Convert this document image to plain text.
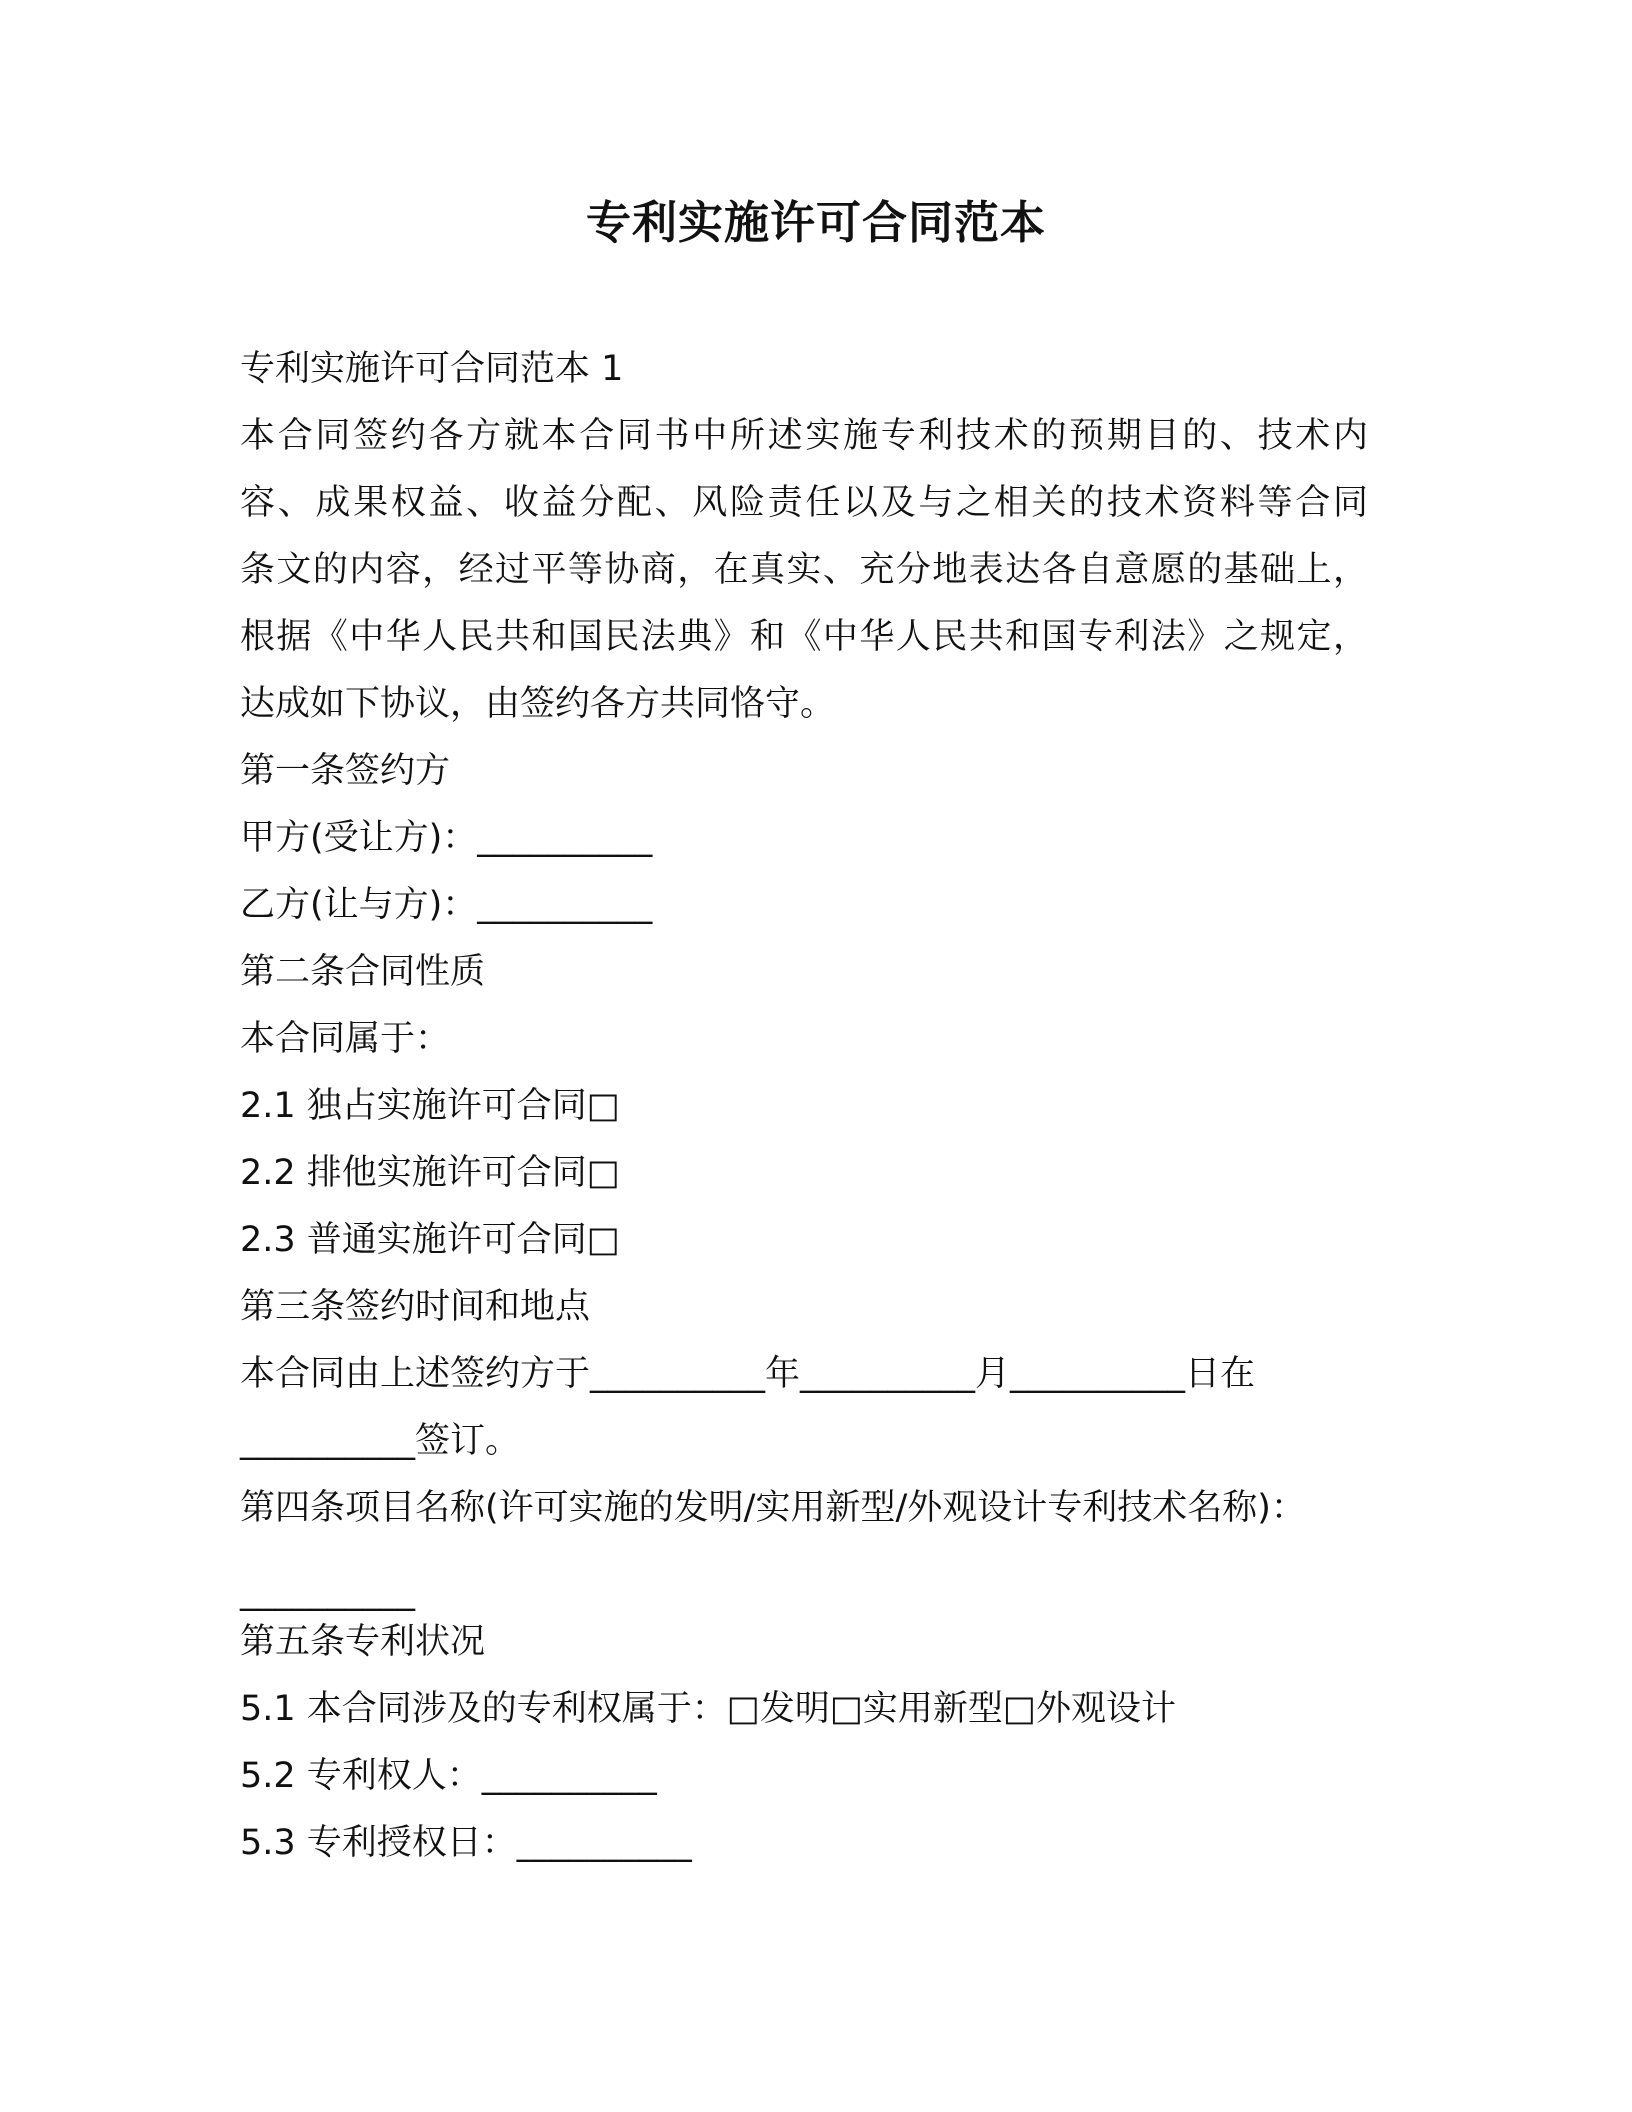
专利实施许可合同范本

专利实施许可合同范本 1

本合同签约各方就本合同书中所述实施专利技术的预期目的、技术内

容、成果权益、收益分配、风险责任以及与之相关的技术资料等合同

条文的内容，经过平等协商，在真实、充分地表达各自意愿的基础上，

根据《中华人民共和国民法典》和《中华人民共和国专利法》之规定，

达成如下协议，由签约各方共同恪守。

第一条签约方

甲方(受让方)：__________

乙方(让与方)：__________

第二条合同性质

本合同属于：

2.1 独占实施许可合同□

2.2 排他实施许可合同□

2.3 普通实施许可合同□

第三条签约时间和地点

本合同由上述签约方于__________年__________月__________日在

__________签订。

第四条项目名称(许可实施的发明/实用新型/外观设计专利技术名称)：

__________

第五条专利状况

5.1 本合同涉及的专利权属于：□发明□实用新型□外观设计

5.2 专利权人：__________

5.3 专利授权日：__________
